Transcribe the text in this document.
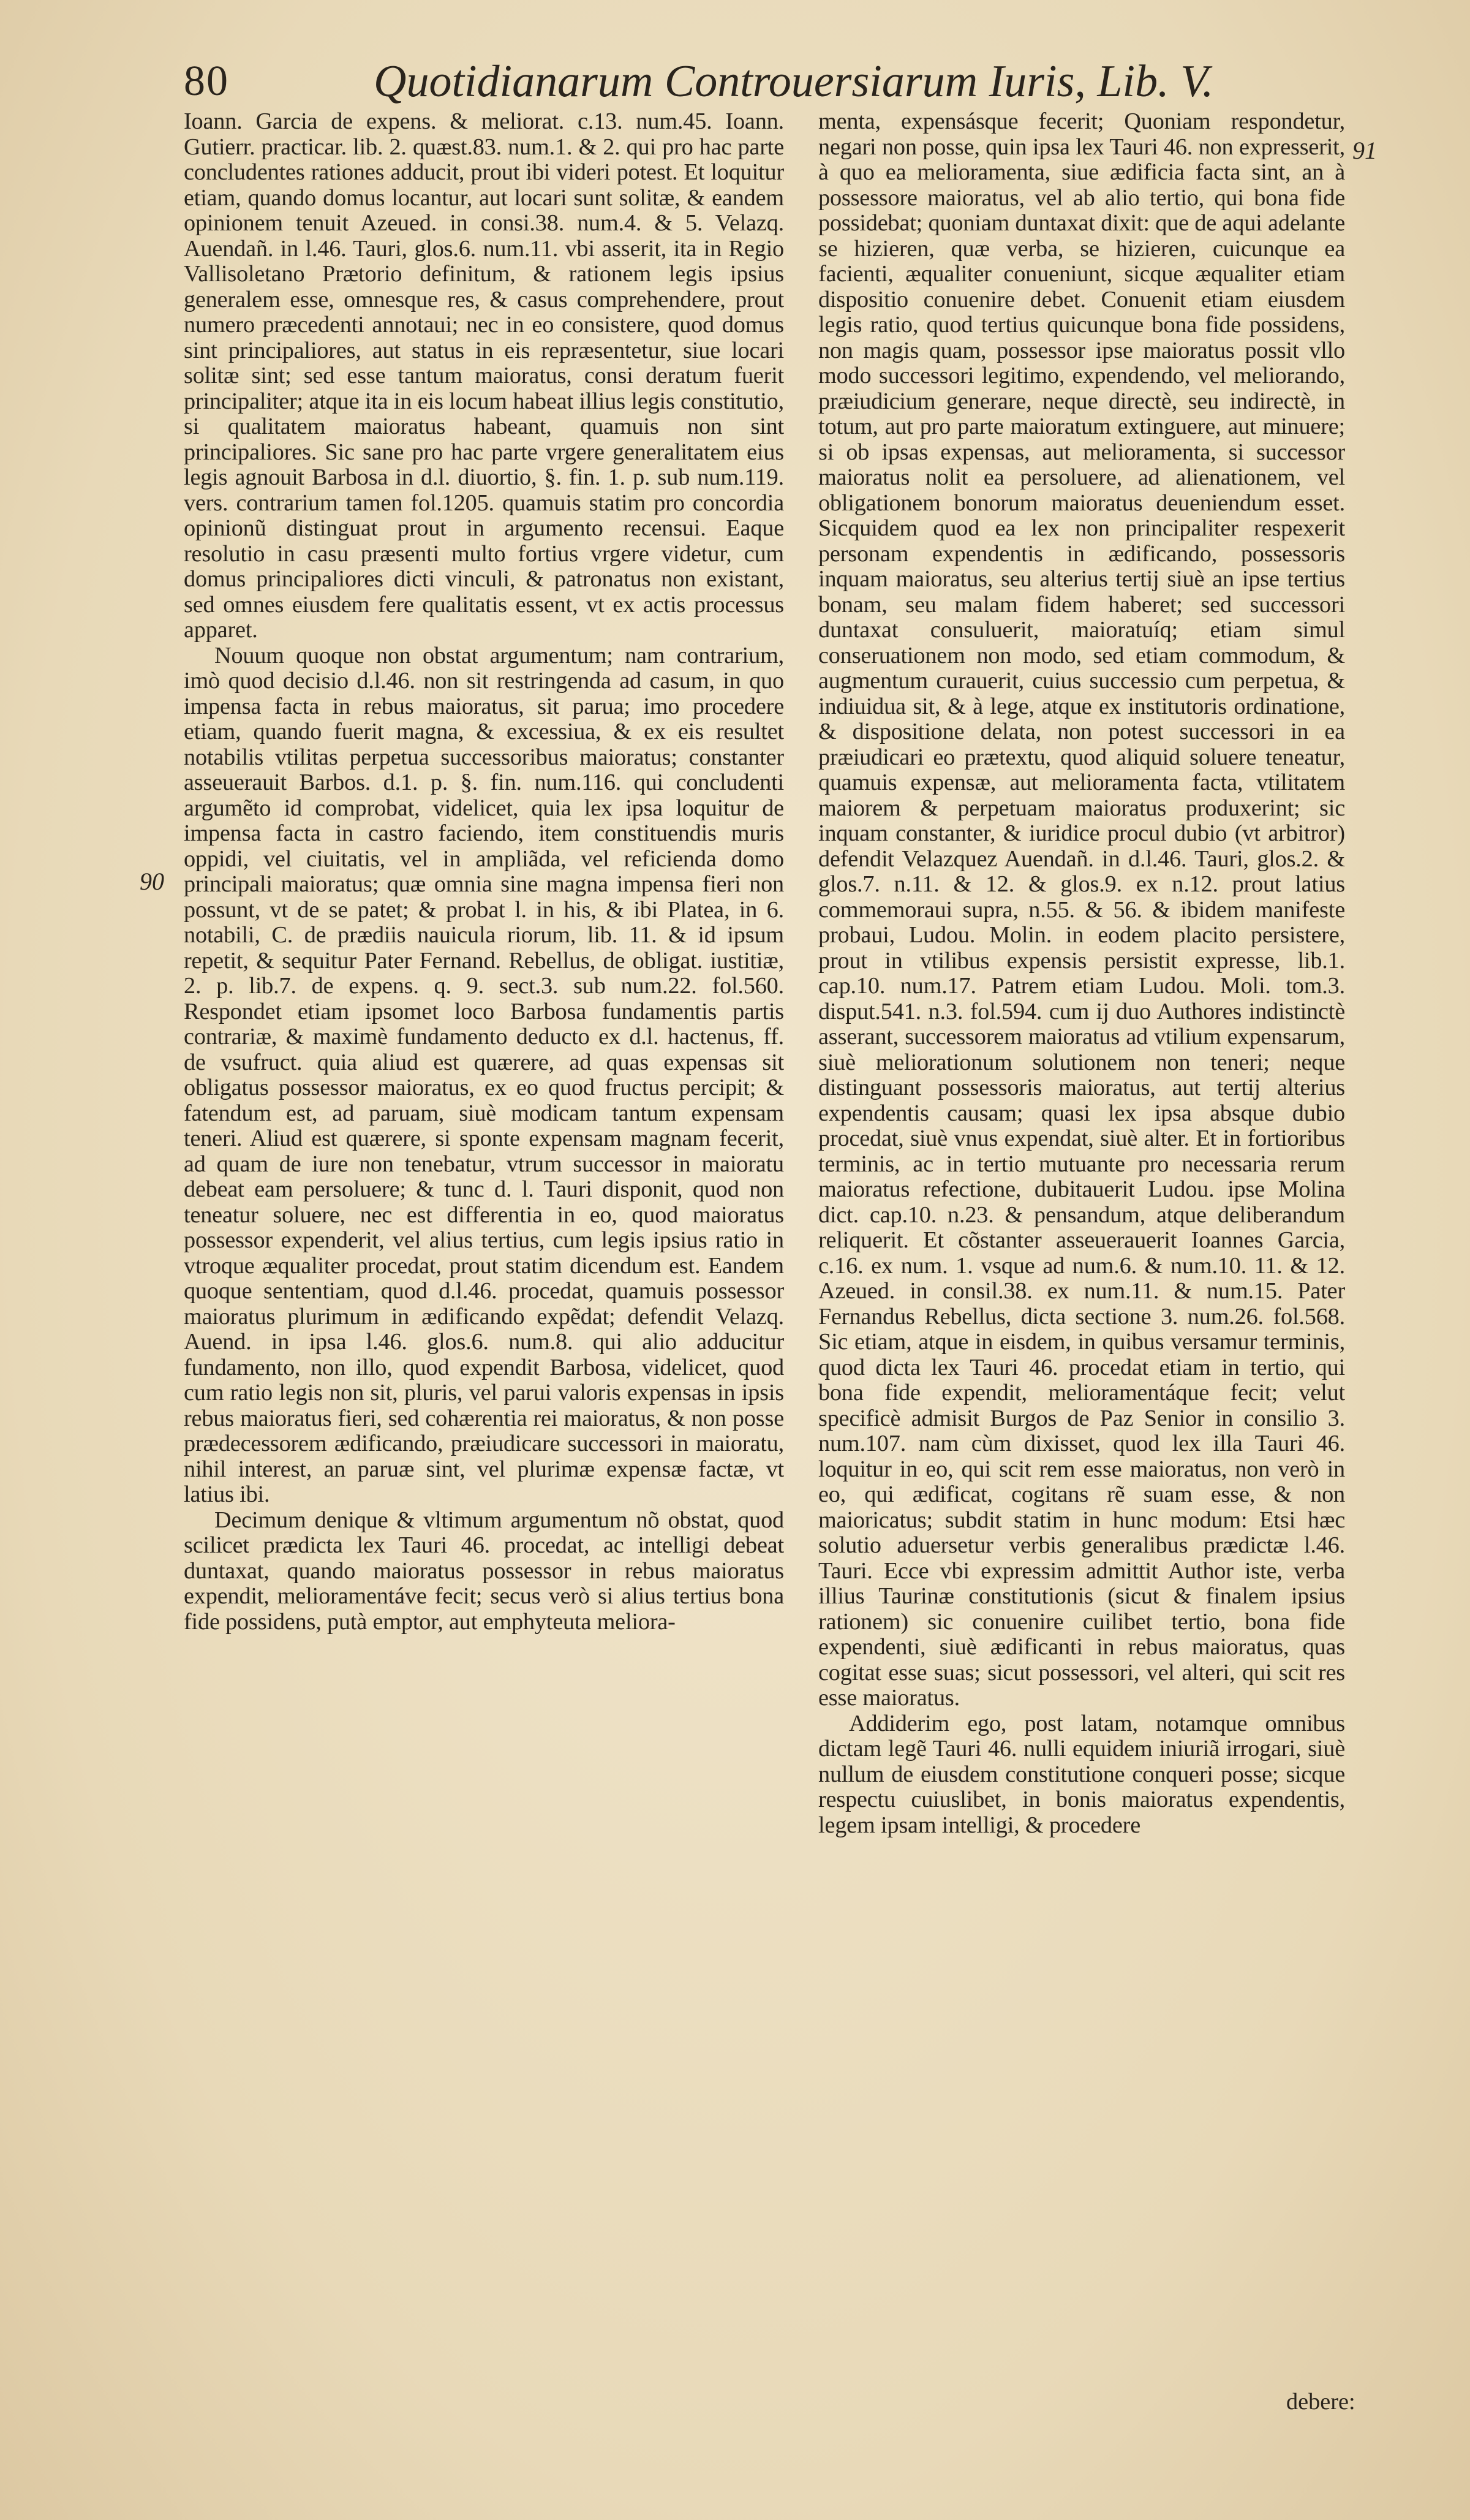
80	Quotidianarum Controuersiarum Iuris, Lib. V.
90
91

Ioann. Garcia de expens. & meliorat. c.13. num.45. Ioann. Gutierr. practicar. lib. 2. quæst.83. num.1. & 2. qui pro hac parte concludentes rationes adducit, prout ibi videri potest. Et loquitur etiam, quando domus locantur, aut locari sunt solitæ, & eandem opinionem tenuit Azeued. in consi.38. num.4. & 5. Velazq. Auendañ. in l.46. Tauri, glos.6. num.11. vbi asserit, ita in Regio Vallisoletano Prætorio definitum, & rationem legis ipsius generalem esse, omnesque res, & casus comprehendere, prout numero præcedenti annotaui; nec in eo consistere, quod domus sint principaliores, aut status in eis repræsentetur, siue locari solitæ sint; sed esse tantum maioratus, consi deratum fuerit principaliter; atque ita in eis locum habeat illius legis constitutio, si qualitatem maioratus habeant, quamuis non sint principaliores. Sic sane pro hac parte vrgere generalitatem eius legis agnouit Barbosa in d.l. diuortio, §. fin. 1. p. sub num.119. vers. contrarium tamen fol.1205. quamuis statim pro concordia opinionũ distinguat prout in argumento recensui. Eaque resolutio in casu præsenti multo fortius vrgere videtur, cum domus principaliores dicti vinculi, & patronatus non existant, sed omnes eiusdem fere qualitatis essent, vt ex actis processus apparet.

Nouum quoque non obstat argumentum; nam contrarium, imò quod decisio d.l.46. non sit restringenda ad casum, in quo impensa facta in rebus maioratus, sit parua; imo procedere etiam, quando fuerit magna, & excessiua, & ex eis resultet notabilis vtilitas perpetua successoribus maioratus; constanter asseuerauit Barbos. d.1. p. §. fin. num.116. qui concludenti argumẽto id comprobat, videlicet, quia lex ipsa loquitur de impensa facta in castro faciendo, item constituendis muris oppidi, vel ciuitatis, vel in ampliãda, vel reficienda domo principali maioratus; quæ omnia sine magna impensa fieri non possunt, vt de se patet; & probat l. in his, & ibi Platea, in 6. notabili, C. de prædiis nauicula riorum, lib. 11. & id ipsum repetit, & sequitur Pater Fernand. Rebellus, de obligat. iustitiæ, 2. p. lib.7. de expens. q. 9. sect.3. sub num.22. fol.560. Respondet etiam ipsomet loco Barbosa fundamentis partis contrariæ, & maximè fundamento deducto ex d.l. hactenus, ff. de vsufruct. quia aliud est quærere, ad quas expensas sit obligatus possessor maioratus, ex eo quod fructus percipit; & fatendum est, ad paruam, siuè modicam tantum expensam teneri. Aliud est quærere, si sponte expensam magnam fecerit, ad quam de iure non tenebatur, vtrum successor in maioratu debeat eam persoluere; & tunc d. l. Tauri disponit, quod non teneatur soluere, nec est differentia in eo, quod maioratus possessor expenderit, vel alius tertius, cum legis ipsius ratio in vtroque æqualiter procedat, prout statim dicendum est. Eandem quoque sententiam, quod d.l.46. procedat, quamuis possessor maioratus plurimum in ædificando expẽdat; defendit Velazq. Auend. in ipsa l.46. glos.6. num.8. qui alio adducitur fundamento, non illo, quod expendit Barbosa, videlicet, quod cum ratio legis non sit, pluris, vel parui valoris expensas in ipsis rebus maioratus fieri, sed cohærentia rei maioratus, & non posse prædecessorem ædificando, præiudicare successori in maioratu, nihil interest, an paruæ sint, vel plurimæ expensæ factæ, vt latius ibi.

Decimum denique & vltimum argumentum nõ obstat, quod scilicet prædicta lex Tauri 46. procedat, ac intelligi debeat duntaxat, quando maioratus possessor in rebus maioratus expendit, melioramentáve fecit; secus verò si alius tertius bona fide possidens, putà emptor, aut emphyteuta meliora-

menta, expensásque fecerit; Quoniam respondetur, negari non posse, quin ipsa lex Tauri 46. non expresserit, à quo ea melioramenta, siue ædificia facta sint, an à possessore maioratus, vel ab alio tertio, qui bona fide possidebat; quoniam duntaxat dixit: que de aqui adelante se hizieren, quæ verba, se hizieren, cuicunque ea facienti, æqualiter conueniunt, sicque æqualiter etiam dispositio conuenire debet. Conuenit etiam eiusdem legis ratio, quod tertius quicunque bona fide possidens, non magis quam, possessor ipse maioratus possit vllo modo successori legitimo, expendendo, vel meliorando, præiudicium generare, neque directè, seu indirectè, in totum, aut pro parte maioratum extinguere, aut minuere; si ob ipsas expensas, aut melioramenta, si successor maioratus nolit ea persoluere, ad alienationem, vel obligationem bonorum maioratus deueniendum esset. Sicquidem quod ea lex non principaliter respexerit personam expendentis in ædificando, possessoris inquam maioratus, seu alterius tertij siuè an ipse tertius bonam, seu malam fidem haberet; sed successori duntaxat consuluerit, maioratuíq; etiam simul conseruationem non modo, sed etiam commodum, & augmentum curauerit, cuius successio cum perpetua, & indiuidua sit, & à lege, atque ex institutoris ordinatione, & dispositione delata, non potest successori in ea præiudicari eo prætextu, quod aliquid soluere teneatur, quamuis expensæ, aut melioramenta facta, vtilitatem maiorem & perpetuam maioratus produxerint; sic inquam constanter, & iuridice procul dubio (vt arbitror) defendit Velazquez Auendañ. in d.l.46. Tauri, glos.2. & glos.7. n.11. & 12. & glos.9. ex n.12. prout latius commemoraui supra, n.55. & 56. & ibidem manifeste probaui, Ludou. Molin. in eodem placito persistere, prout in vtilibus expensis persistit expresse, lib.1. cap.10. num.17. Patrem etiam Ludou. Moli. tom.3. disput.541. n.3. fol.594. cum ij duo Authores indistinctè asserant, successorem maioratus ad vtilium expensarum, siuè meliorationum solutionem non teneri; neque distinguant possessoris maioratus, aut tertij alterius expendentis causam; quasi lex ipsa absque dubio procedat, siuè vnus expendat, siuè alter. Et in fortioribus terminis, ac in tertio mutuante pro necessaria rerum maioratus refectione, dubitauerit Ludou. ipse Molina dict. cap.10. n.23. & pensandum, atque deliberandum reliquerit. Et cõstanter asseuerauerit Ioannes Garcia, c.16. ex num. 1. vsque ad num.6. & num.10. 11. & 12. Azeued. in consil.38. ex num.11. & num.15. Pater Fernandus Rebellus, dicta sectione 3. num.26. fol.568. Sic etiam, atque in eisdem, in quibus versamur terminis, quod dicta lex Tauri 46. procedat etiam in tertio, qui bona fide expendit, melioramentáque fecit; velut specificè admisit Burgos de Paz Senior in consilio 3. num.107. nam cùm dixisset, quod lex illa Tauri 46. loquitur in eo, qui scit rem esse maioratus, non verò in eo, qui ædificat, cogitans rẽ suam esse, & non maioricatus; subdit statim in hunc modum: Etsi hæc solutio aduersetur verbis generalibus prædictæ l.46. Tauri. Ecce vbi expressim admittit Author iste, verba illius Taurinæ constitutionis (sicut & finalem ipsius rationem) sic conuenire cuilibet tertio, bona fide expendenti, siuè ædificanti in rebus maioratus, quas cogitat esse suas; sicut possessori, vel alteri, qui scit res esse maioratus.

Addiderim ego, post latam, notamque omnibus dictam legẽ Tauri 46. nulli equidem iniuriã irrogari, siuè nullum de eiusdem constitutione conqueri posse; sicque respectu cuiuslibet, in bonis maioratus expendentis, legem ipsam intelligi, & procedere

debere:
